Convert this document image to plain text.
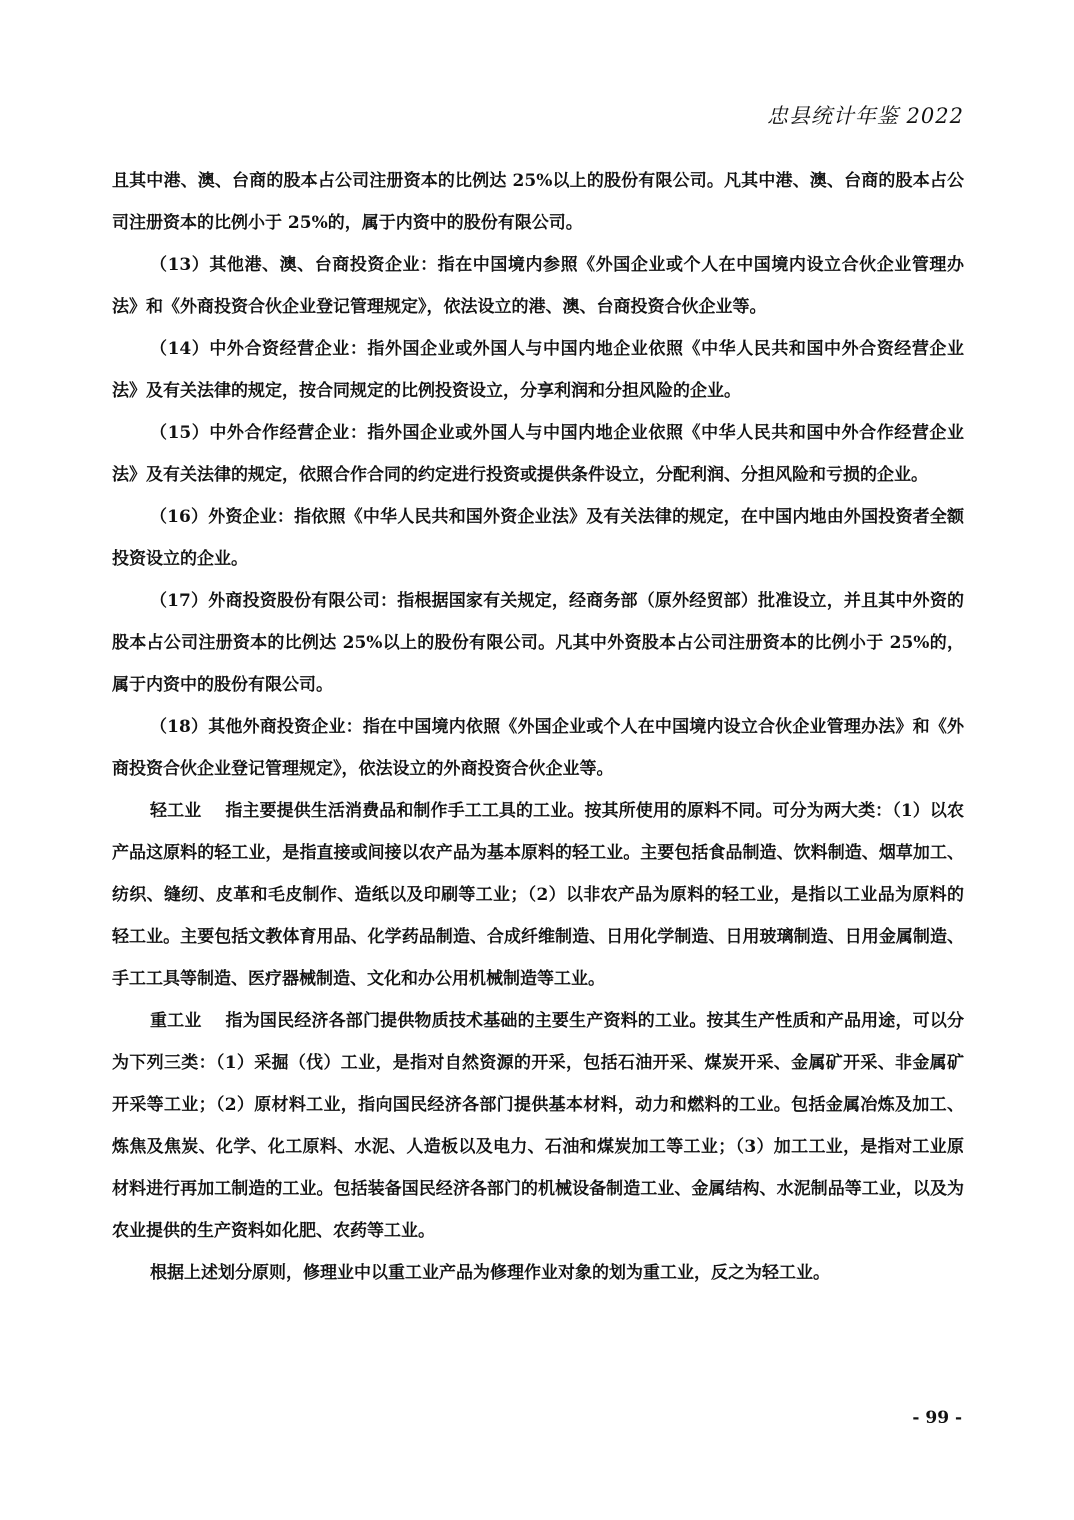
忠县统计年鉴 2022

且其中港、澳、台商的股本占公司注册资本的比例达 25%以上的股份有限公司。凡其中港、澳、台商的股本占公司注册资本的比例小于 25%的，属于内资中的股份有限公司。

（13）其他港、澳、台商投资企业：指在中国境内参照《外国企业或个人在中国境内设立合伙企业管理办法》和《外商投资合伙企业登记管理规定》，依法设立的港、澳、台商投资合伙企业等。

（14）中外合资经营企业：指外国企业或外国人与中国内地企业依照《中华人民共和国中外合资经营企业法》及有关法律的规定，按合同规定的比例投资设立，分享利润和分担风险的企业。

（15）中外合作经营企业：指外国企业或外国人与中国内地企业依照《中华人民共和国中外合作经营企业法》及有关法律的规定，依照合作合同的约定进行投资或提供条件设立，分配利润、分担风险和亏损的企业。

（16）外资企业：指依照《中华人民共和国外资企业法》及有关法律的规定，在中国内地由外国投资者全额投资设立的企业。

（17）外商投资股份有限公司：指根据国家有关规定，经商务部（原外经贸部）批准设立，并且其中外资的股本占公司注册资本的比例达 25%以上的股份有限公司。凡其中外资股本占公司注册资本的比例小于 25%的，属于内资中的股份有限公司。

（18）其他外商投资企业：指在中国境内依照《外国企业或个人在中国境内设立合伙企业管理办法》和《外商投资合伙企业登记管理规定》，依法设立的外商投资合伙企业等。

轻工业 指主要提供生活消费品和制作手工工具的工业。按其所使用的原料不同。可分为两大类：（1）以农产品这原料的轻工业，是指直接或间接以农产品为基本原料的轻工业。主要包括食品制造、饮料制造、烟草加工、纺织、缝纫、皮革和毛皮制作、造纸以及印刷等工业；（2）以非农产品为原料的轻工业，是指以工业品为原料的轻工业。主要包括文教体育用品、化学药品制造、合成纤维制造、日用化学制造、日用玻璃制造、日用金属制造、手工工具等制造、医疗器械制造、文化和办公用机械制造等工业。

重工业 指为国民经济各部门提供物质技术基础的主要生产资料的工业。按其生产性质和产品用途，可以分为下列三类：（1）采掘（伐）工业，是指对自然资源的开采，包括石油开采、煤炭开采、金属矿开采、非金属矿开采等工业；（2）原材料工业，指向国民经济各部门提供基本材料，动力和燃料的工业。包括金属冶炼及加工、炼焦及焦炭、化学、化工原料、水泥、人造板以及电力、石油和煤炭加工等工业；（3）加工工业，是指对工业原材料进行再加工制造的工业。包括装备国民经济各部门的机械设备制造工业、金属结构、水泥制品等工业，以及为农业提供的生产资料如化肥、农药等工业。

根据上述划分原则，修理业中以重工业产品为修理作业对象的划为重工业，反之为轻工业。

- 99 -
